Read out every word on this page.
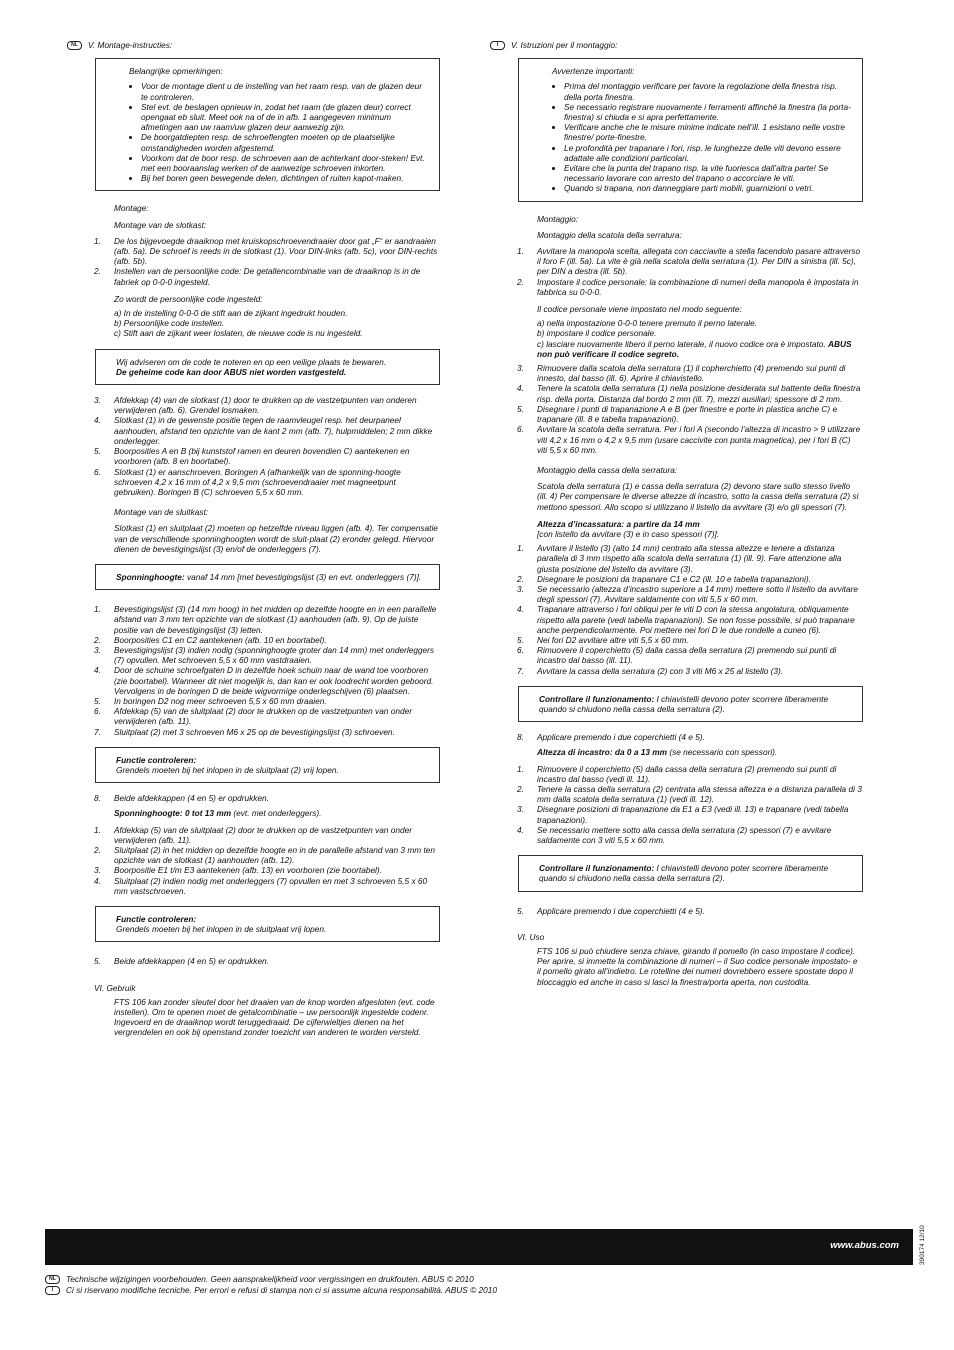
NL	V. Montage-instructies:
Belangrijke opmerkingen:
• Voor de montage dient u de instelling van het raam resp. van de glazen deur te controleren.
• Stel evt. de beslagen opnieuw in, zodat het raam (de glazen deur) correct opengaat eb sluit. Meet ook na of de in afb. 1 aangegeven minimum afmetingen aan uw raam/uw glazen deur aanwezig zijn.
• De boorgatdiepten resp. de schroeflengten moeten op de plaatselijke omstandigheden worden afgestemd.
• Voorkom dat de boor resp. de schroeven aan de achterkant door-steken! Evt. met een booraanslag werken of de aanwezige schroeven inkorten.
• Bij het boren geen bewegende delen, dichtingen of ruiten kapot-maken.
Montage:
Montage van de slotkast:
1. De los bijgevoegde draaiknop met kruiskopschroevendraaier door gat „F“ er aandraaien (afb. 5a). De schroef is reeds in de slotkast (1). Voor DIN-links (afb. 5c), voor DIN-rechts (afb. 5b).
2. Instellen van de persoonlijke code: De getallencombinatie van de draaiknop is in de fabriek op 0-0-0 ingesteld.
Zo wordt de persoonlijke code ingesteld:
a) In de instelling 0-0-0 de stift aan de zijkant ingedrukt houden.
b) Persoonlijke code instellen.
c) Stift aan de zijkant weer loslaten, de nieuwe code is nu ingesteld.
Wij adviseren om de code te noteren en op een veilige plaats te bewaren.
De geheime code kan door ABUS niet worden vastgesteld.
3. Afdekkap (4) van de slotkast (1) door te drukken op de vastzetpunten van onderen verwijderen (afb. 6). Grendel losmaken.
4. Slotkast (1) in de gewenste positie tegen de raamvleugel resp. het deurpaneel aanhouden, afstand ten opzichte van de kant 2 mm (afb. 7), hulpmiddelen; 2 mm dikke onderlegger.
5. Boorposities A en B (bij kunststof ramen en deuren bovendien C) aantekenen en voorboren (afb. 8 en boortabel).
6. Slotkast (1) er aanschroeven. Boringen A (afhankelijk van de sponning-hoogte schroeven 4,2 x 16 mm of 4,2 x 9,5 mm (schroevendraaier met magneetpunt gebruiken). Boringen B (C) schroeven 5,5 x 60 mm.
Montage van de sluitkast:
Slotkast (1) en sluitplaat (2) moeten op hetzelfde niveau liggen (afb. 4). Ter compensatie van de verschillende sponninghoogten wordt de sluit-plaat (2) eronder gelegd. Hiervoor dienen de bevestigingslijst (3) en/of de onderleggers (7).
Sponninghoogte: vanaf 14 mm [met bevestigingslijst (3) en evt. onderleggers (7)].
1. Bevestigingslijst (3) (14 mm hoog) in het midden op dezelfde hoogte en in een parallelle afstand van 3 mm ten opzichte van de slotkast (1) aanhouden (afb. 9). Op de juiste positie van de bevestigingslijst (3) letten.
2. Boorposities C1 en C2 aantekenen (afb. 10 en boortabel).
3. Bevestigingslijst (3) indien nodig (sponninghoogte groter dan 14 mm) met onderleggers (7) opvullen. Met schroeven 5,5 x 60 mm vastdraaien.
4. Door de schuine schroefgaten D in dezelfde hoek schuin naar de wand toe voorboren (zie boortabel). Wanneer dit niet mogelijk is, dan kan er ook loodrecht worden geboord. Vervolgens in de boringen D de beide wigvormige onderlegschijven (6) plaatsen.
5. In boringen D2 nog meer schroeven 5,5 x 60 mm draaien.
6. Afdekkap (5) van de sluitplaat (2) door te drukken op de vastzetpunten van onder verwijderen (afb. 11).
7. Sluitplaat (2) met 3 schroeven M6 x 25 op de bevestigingslijst (3) schroeven.
Functie controleren:
Grendels moeten bij het inlopen in de sluitplaat (2) vrij lopen.
8. Beide afdekkappen (4 en 5) er opdrukken.
Sponninghoogte: 0 tot 13 mm (evt. met onderleggers).
1. Afdekkap (5) van de sluitplaat (2) door te drukken op de vastzetpunten van onder verwijderen (afb. 11).
2. Sluitplaat (2) in het midden op dezelfde hoogte en in de parallelle afstand van 3 mm ten opzichte van de slotkast (1) aanhouden (afb. 12).
3. Boorpositie E1 t/m E3 aantekenen (afb. 13) en voorboren (zie boortabel).
4. Sluitplaat (2) indien nodig met onderleggers (7) opvullen en met 3 schroeven 5,5 x 60 mm vastschroeven.
Functie controleren:
Grendels moeten bij het inlopen in de sluitplaat vrij lopen.
5. Beide afdekkappen (4 en 5) er opdrukken.
VI. Gebruik
FTS 106 kan zonder sleutel door het draaien van de knop worden afgesloten (evt. code instellen). Om te openen moet de getalcombinatie – uw persoonlijk ingestelde codenr. Ingevoerd en de draaiknop wordt teruggedraaid. De cijferwieltjes dienen na het vergrendelen en ook bij openstand zonder toezicht van anderen te worden versteld.
I	V. Istruzioni per il montaggio:
Avvertenze importanti:
• Prima del montaggio verificare per favore la regolazione della finestra risp. della porta finestra.
• Se necessario registrare nuovamente i ferramenti affinché la finestra (la porta-finestra) si chiuda e si apra perfettamente.
• Verificare anche che le misure minime indicate nell’ill. 1 esistano nelle vostre finestre/ porte-finestre.
• Le profondità per trapanare i fori, risp. le lunghezze delle viti devono essere adattate alle condizioni particolari.
• Evitare che la punta del trapano risp. la vite fuoriesca dall’altra parte! Se necessario lavorare con arresto del trapano o accorciare le viti.
• Quando si trapana, non danneggiare parti mobili, guarnizioni o vetri.
Montaggio:
Montaggio della scatola della serratura:
1. Avvitare la manopola scelta, allegata con cacciavite a stella facendolo pasare attraverso il foro F (ill. 5a). La vite è già nella scatola della serratura (1). Per DIN a sinistra (ill. 5c), per DIN a destra (ill. 5b).
2. Impostare il codice personale: la combinazione di numeri della manopola è impostata in fabbrica su 0-0-0.
Il codice personale viene impostato nel modo seguente:
a) nella impostazione 0-0-0 tenere premuto il perno laterale.
b) impostare il codice personale.
c) lasciare nuovamente libero il perno laterale, il nuovo codice ora è impostato. ABUS non può verificare il codice segreto.
3. Rimuovere dalla scatola della serratura (1) il copherchietto (4) premendo sui punti di innesto, dal basso (ill. 6). Aprire il chiavistello.
4. Tenere la scatola della serratura (1) nella posizione desiderata sul battente della finestra risp. della porta. Distanza dal bordo 2 mm (ill. 7), mezzi ausiliari; spessore di 2 mm.
5. Disegnare i punti di trapanazione A e B (per finestre e porte in plastica anche C) e trapanare (ill. 8 e tabella trapanazioni).
6. Avvitare la scatola della serratura. Per i fori A (secondo l’altezza di incastro > 9 utilizzare viti 4,2 x 16 mm o 4,2 x 9,5 mm (usare caccivite con punta magnetica), per i fori B (C) viti 5,5 x 60 mm.
Montaggio della cassa della serratura:
Scatola della serratura (1) e cassa della serratura (2) devono stare sullo stesso livello (ill. 4) Per compensare le diverse altezze di incastro, sotto la cassa della serratura (2) si mettono spessori. Allo scopo si utilizzano il listello da avvitare (3) e/o gli spessori (7).
Altezza d’incassatura: a partire da 14 mm
[con listello da avvitare (3) e in caso spessori (7)].
1. Avvitare il listello (3) (alto 14 mm) centrato alla stessa altezze e tenere a distanza parallela di 3 mm rispetto alla scatola della serratura (1) (ill. 9). Fare attenzione alla giusta posizione del listello da avvitare (3).
2. Disegnare le posizioni da trapanare C1 e C2 (ill. 10 e tabella trapanazioni).
3. Se necessario (altezza d’incastro superiore a 14 mm) mettere sotto il listello da avvitare degli spessori (7). Avvitare saldamente con viti 5,5 x 60 mm.
4. Trapanare attraverso i fori obliqui per le viti D con la stessa angolatura, obliquamente rispetto alla parete (vedi tabella trapanazioni). Se non fosse possibile, si può trapanare anche perpendicolarmente. Poi mettere nei fori D le due rondelle a cuneo (6).
5. Nei fori D2 avvitare altre viti 5,5 x 60 mm.
6. Rimuovere il coperchietto (5) dalla cassa della serratura (2) premendo sui punti di incastro dal basso (ill. 11).
7. Avvitare la cassa della serratura (2) con 3 viti M6 x 25 al listello (3).
Controllare il funzionamento: I chiavistelli devono poter scorrere liberamente quando si chiudono nella cassa della serratura (2).
8. Applicare premendo i due coperchietti (4 e 5).
Altezza di incastro: da 0 a 13 mm (se necessario con spessori).
1. Rimuovere il coperchietto (5) dalla cassa della serratura (2) premendo sui punti di incastro dal basso (vedi ill. 11).
2. Tenere la cassa della serratura (2) centrata alla stessa altezza e a distanza parallela di 3 mm dalla scatola della serratura (1) (vedi ill. 12).
3. Disegnare posizioni di trapanazione da E1 a E3 (vedi ill. 13) e trapanare (vedi tabella trapanazioni).
4. Se necessario mettere sotto alla cassa della serratura (2) spessori (7) e avvitare saldamente con 3 viti 5,5 x 60 mm.
Controllare il funzionamento: I chiavistelli devono poter scorrere liberamente quando si chiudono nella cassa della serratura (2).
5. Applicare premendo i due coperchietti (4 e 5).
VI. Uso
FTS 106 si può chiudere senza chiave, girando il pomello (in caso impostare il codice). Per aprire, si immette la combinazione di numeri – il Suo codice personale impostato- e il pomello girato all’indietro. Le rotelline dei numeri dovrebbero essere spostate dopo il bloccaggio ed anche in caso si lasci la finestra/porta aperta, non custodita.
www.abus.com	390174 12/10
NL	Technische wijzigingen voorbehouden. Geen aansprakelijkheid voor vergissingen en drukfouten. ABUS © 2010
I	Ci si riservano modifiche tecniche. Per errori e refusi di stampa non ci si assume alcuna responsabilità. ABUS © 2010
